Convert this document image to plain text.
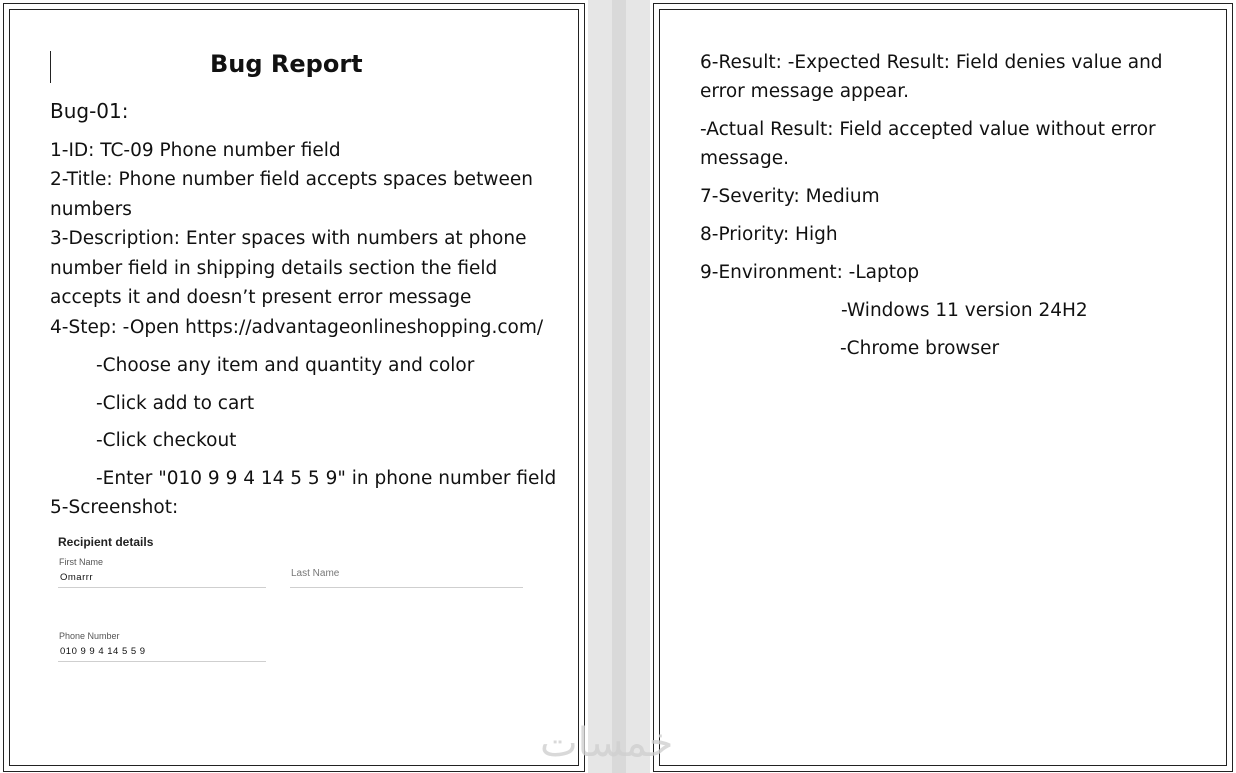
Bug Report

Bug-01:

1-ID: TC-09 Phone number field

2-Title: Phone number field accepts spaces between

numbers

3-Description: Enter spaces with numbers at phone

number field in shipping details section the field

accepts it and doesn’t present error message

4-Step: -Open https://advantageonlineshopping.com/

-Choose any item and quantity and color

-Click add to cart

-Click checkout

-Enter "010 9 9 4 14 5 5 9" in phone number field

5-Screenshot:

Recipient details
First Name
Omarrr	Last Name
Phone Number
010 9 9 4 14 5 5 9

6-Result: -Expected Result: Field denies value and

error message appear.

-Actual Result: Field accepted value without error

message.

7-Severity: Medium

8-Priority: High

9-Environment: -Laptop

-Windows 11 version 24H2

-Chrome browser

خمسات
